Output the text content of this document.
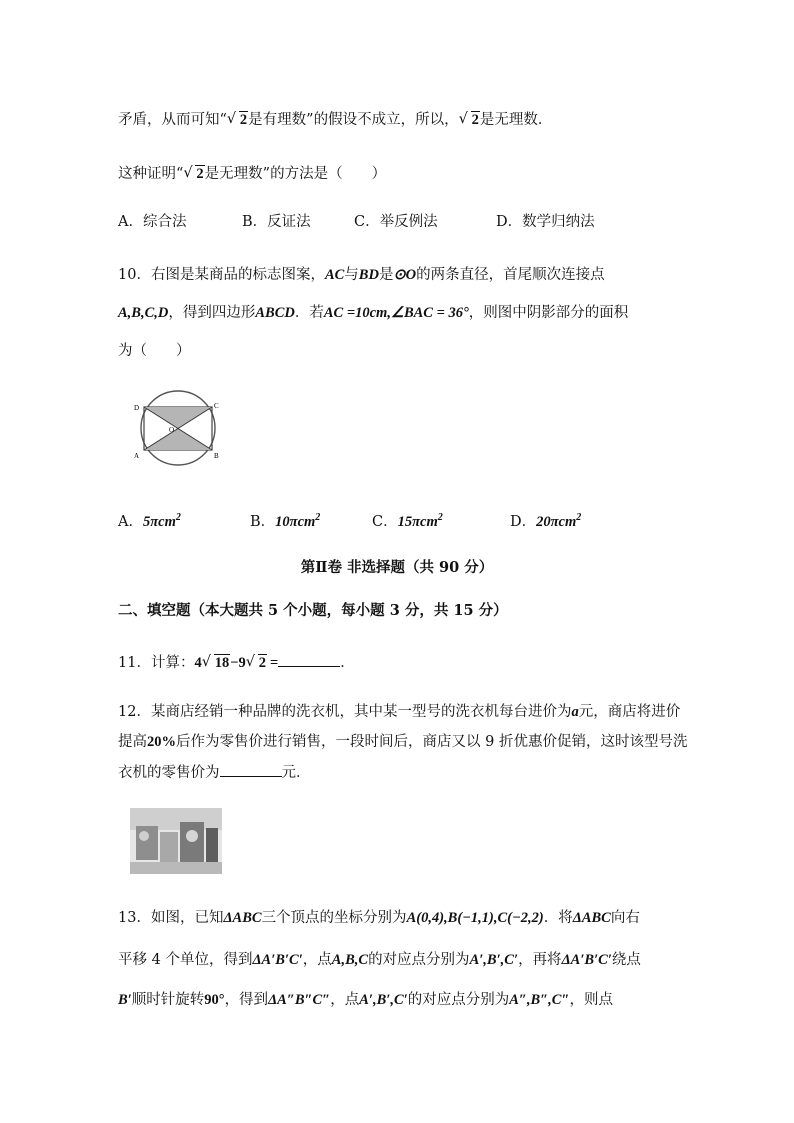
矛盾，从而可知“ √ 2是有理数”的假设不成立，所以， √ 2是无理数．
这种证明“ √ 2是无理数”的方法是（　　）
A．综合法	B．反证法	C．举反例法	D．数学归纳法
10．右图是某商品的标志图案，AC与BD是⊙O的两条直径，首尾顺次连接点
A,B,C,D，得到四边形ABCD．若AC =10cm,∠BAC = 36°，则图中阴影部分的面积
为（　　）
D	C
A	B
O
A．5πcm$^2$	B．10πcm$^2$	C．15πcm$^2$	D．20πcm$^2$
第Ⅱ卷 非选择题（共 90 分）
二、填空题（本大题共 5 个小题，每小题 3 分，共 15 分）
11．计算：4 √ 18−9 √ 2 =	．
12．某商店经销一种品牌的洗衣机，其中某一型号的洗衣机每台进价为a元，商店将进价
提高20%后作为零售价进行销售，一段时间后，商店又以 9 折优惠价促销，这时该型号洗
衣机的零售价为	元．
13．如图，已知ΔABC三个顶点的坐标分别为A(0,4),B(−1,1),C(−2,2)．将ΔABC向右
平移 4 个单位，得到ΔA′B′C′，点A,B,C的对应点分别为A′,B′,C′，再将ΔA′B′C′绕点
B′顺时针旋转90°，得到ΔA″B″C″，点A′,B′,C′的对应点分别为A″,B″,C″，则点
